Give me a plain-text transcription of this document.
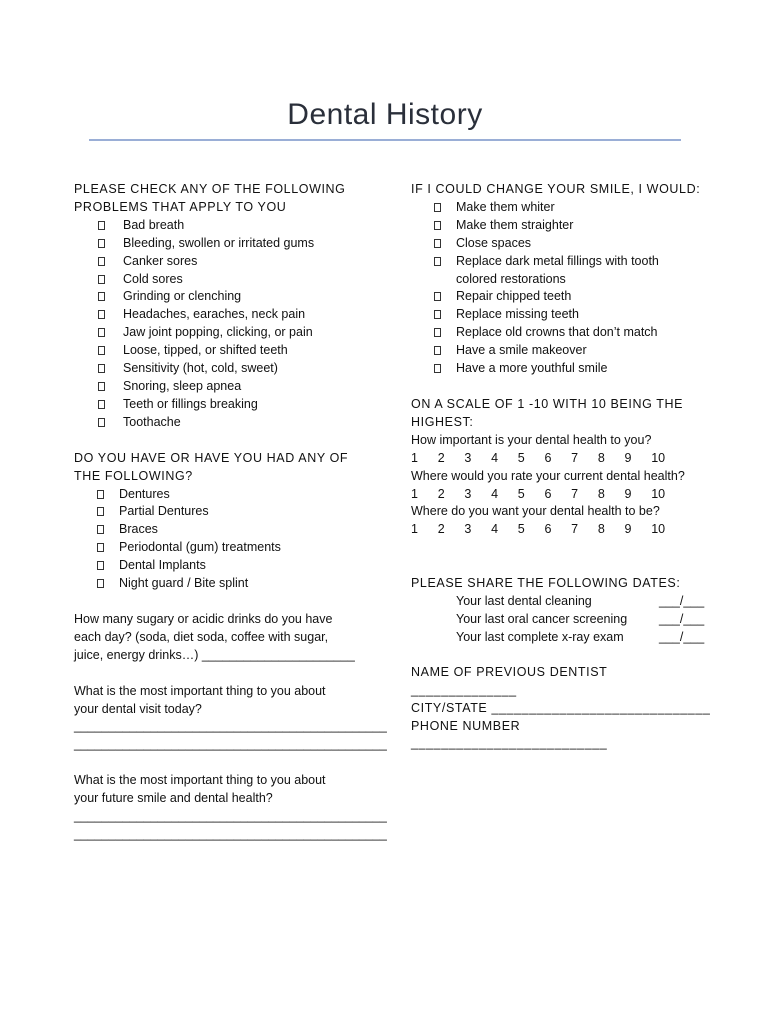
Dental History

PLEASE CHECK ANY OF THE FOLLOWING

PROBLEMS THAT APPLY TO YOU

Bad breath
Bleeding, swollen or irritated gums
Canker sores
Cold sores
Grinding or clenching
Headaches, earaches, neck pain
Jaw joint popping, clicking, or pain
Loose, tipped, or shifted teeth
Sensitivity (hot, cold, sweet)
Snoring, sleep apnea
Teeth or fillings breaking
Toothache

DO YOU HAVE OR HAVE YOU HAD ANY OF

THE FOLLOWING?

Dentures
Partial Dentures
Braces
Periodontal (gum) treatments
Dental Implants
Night guard / Bite splint

How many sugary or acidic drinks do you have

each day? (soda, diet soda, coffee with sugar,

juice, energy drinks…) ______________________

What is the most important thing to you about

your dental visit today?

_____________________________________________
_____________________________________________

What is the most important thing to you about

your future smile and dental health?

_____________________________________________
_____________________________________________
IF I COULD CHANGE YOUR SMILE, I WOULD:
Make them whiter
Make them straighter
Close spaces
Replace dark metal fillings with tooth
colored restorations
Repair chipped teeth
Replace missing teeth
Replace old crowns that don’t match
Have a smile makeover
Have a more youthful smile

ON A SCALE OF 1 -10 WITH 10 BEING THE

HIGHEST:

How important is your dental health to you?

1	2	3	4	5	6	7	8	9	10

Where would you rate your current dental health?

1	2	3	4	5	6	7	8	9	10

Where do you want your dental health to be?

1	2	3	4	5	6	7	8	9	10
PLEASE SHARE THE FOLLOWING DATES:
Your last dental cleaning	___/___
Your last oral cancer screening	___/___
Your last complete x-ray exam	___/___

NAME OF PREVIOUS DENTIST ______________

CITY/STATE _____________________________

PHONE NUMBER __________________________
